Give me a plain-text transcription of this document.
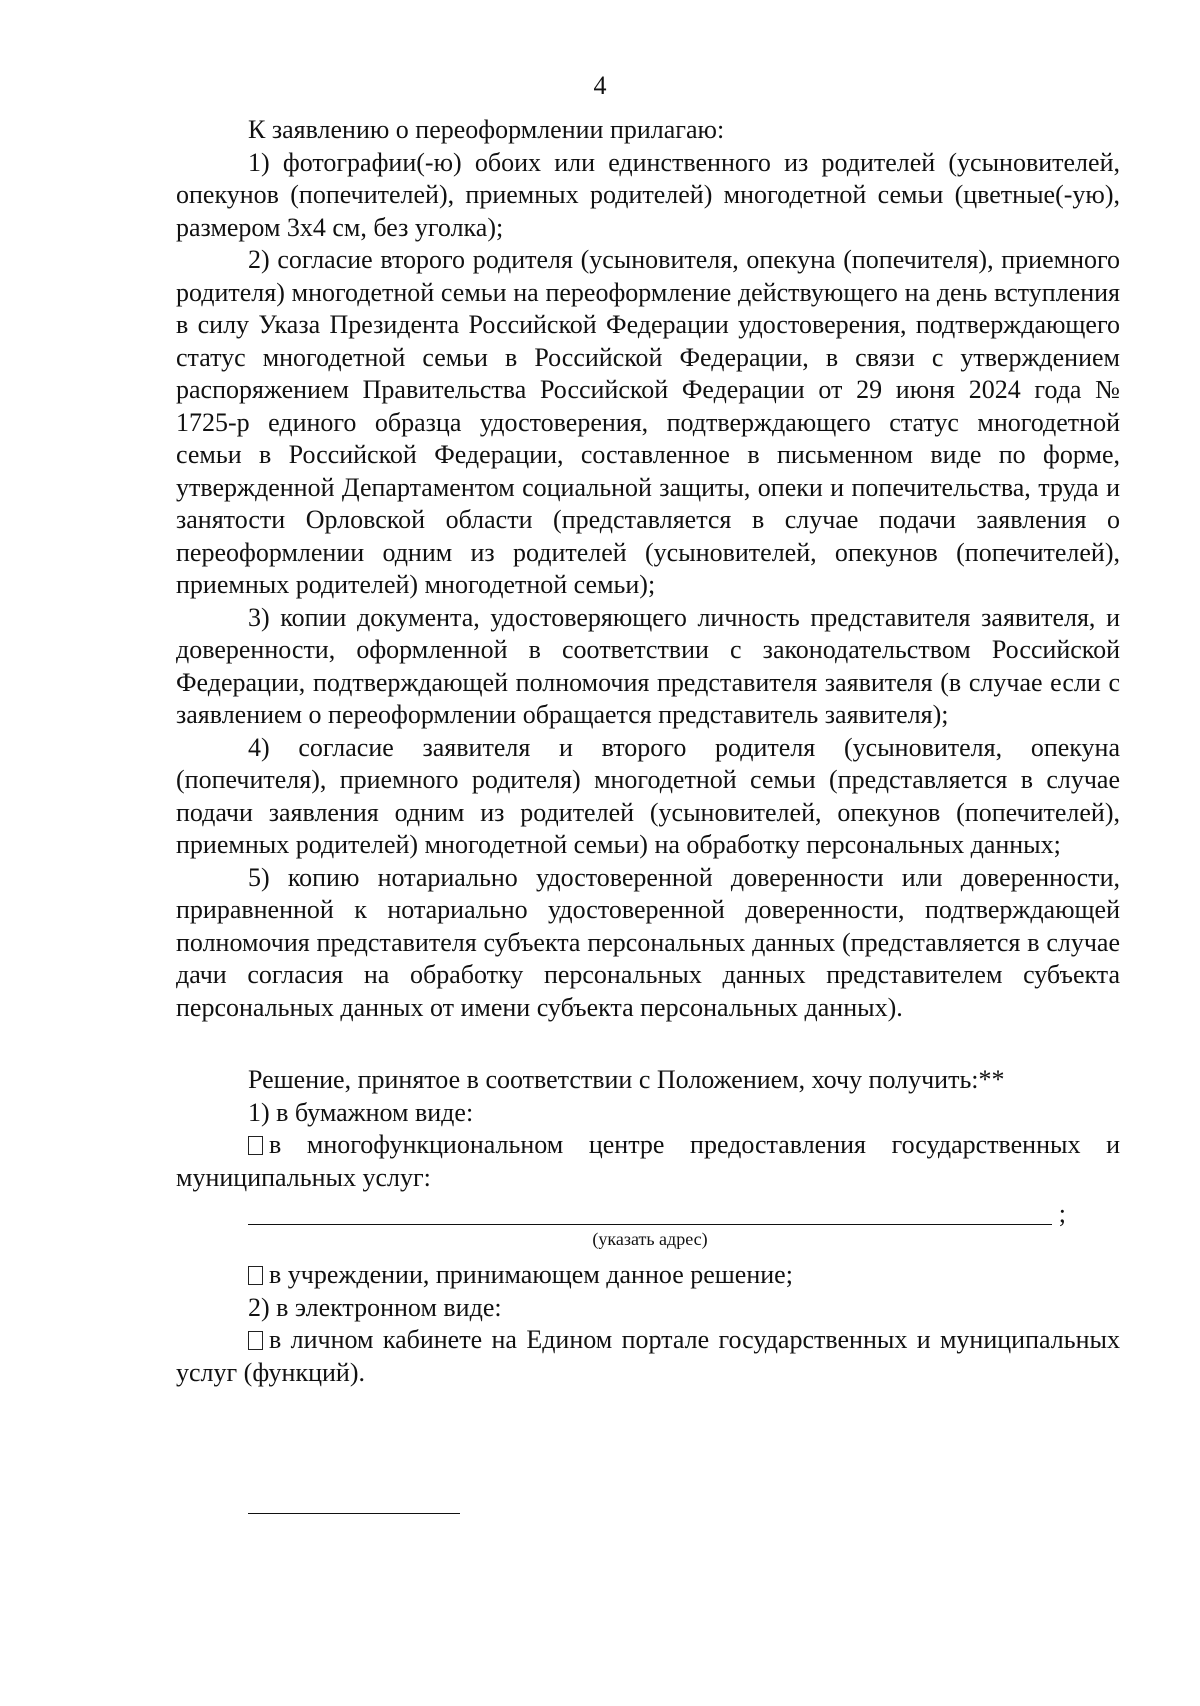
4

К заявлению о переоформлении прилагаю:

1) фотографии(-ю) обоих или единственного из родителей (усыновителей, опекунов (попечителей), приемных родителей) многодетной семьи (цветные(-ую), размером 3х4 см, без уголка);

2) согласие второго родителя (усыновителя, опекуна (попечителя), приемного родителя) многодетной семьи на переоформление действующего на день вступления в силу Указа Президента Российской Федерации удостоверения, подтверждающего статус многодетной семьи в Российской Федерации, в связи с утверждением распоряжением Правительства Российской Федерации от 29 июня 2024 года № 1725-р единого образца удостоверения, подтверждающего статус многодетной семьи в Российской Федерации, составленное в письменном виде по форме, утвержденной Департаментом социальной защиты, опеки и попечительства, труда и занятости Орловской области (представляется в случае подачи заявления о переоформлении одним из родителей (усыновителей, опекунов (попечителей), приемных родителей) многодетной семьи);

3) копии документа, удостоверяющего личность представителя заявителя, и доверенности, оформленной в соответствии с законодательством Российской Федерации, подтверждающей полномочия представителя заявителя (в случае если с заявлением о переоформлении обращается представитель заявителя);

4) согласие заявителя и второго родителя (усыновителя, опекуна (попечителя), приемного родителя) многодетной семьи (представляется в случае подачи заявления одним из родителей (усыновителей, опекунов (попечителей), приемных родителей) многодетной семьи) на обработку персональных данных;

5) копию нотариально удостоверенной доверенности или доверенности, приравненной к нотариально удостоверенной доверенности, подтверждающей полномочия представителя субъекта персональных данных (представляется в случае дачи согласия на обработку персональных данных представителем субъекта персональных данных от имени субъекта персональных данных).

Решение, принятое в соответствии с Положением, хочу получить:**

1) в бумажном виде:

в многофункциональном центре предоставления государственных и муниципальных услуг:

;
(указать адрес)

в учреждении, принимающем данное решение;

2) в электронном виде:

в личном кабинете на Едином портале государственных и муниципальных услуг (функций).
